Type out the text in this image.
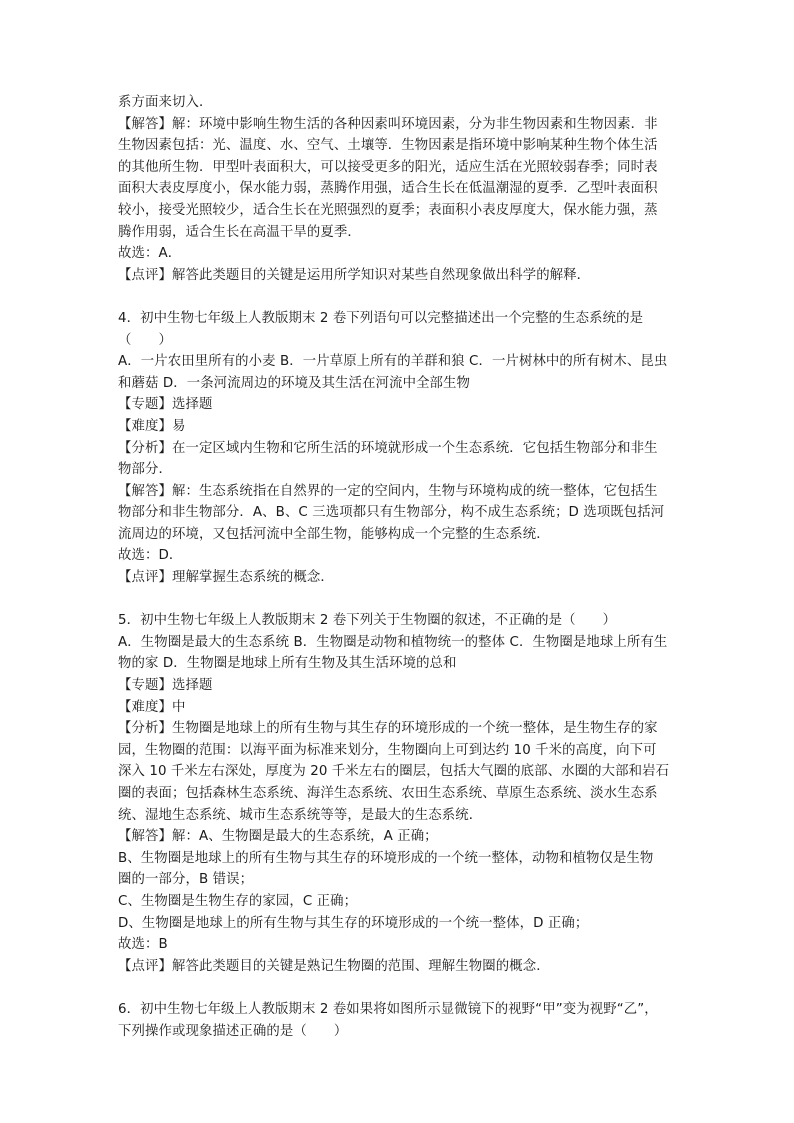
系方面来切入．
【解答】解：环境中影响生物生活的各种因素叫环境因素，分为非生物因素和生物因素．非
生物因素包括：光、温度、水、空气、土壤等．生物因素是指环境中影响某种生物个体生活
的其他所生物．甲型叶表面积大，可以接受更多的阳光，适应生活在光照较弱春季；同时表
面积大表皮厚度小，保水能力弱，蒸腾作用强，适合生长在低温潮湿的夏季．乙型叶表面积
较小，接受光照较少，适合生长在光照强烈的夏季；表面积小表皮厚度大，保水能力强，蒸
腾作用弱，适合生长在高温干旱的夏季．
故选：A．
【点评】解答此类题目的关键是运用所学知识对某些自然现象做出科学的解释．
4．初中生物七年级上人教版期末 2 卷下列语句可以完整描述出一个完整的生态系统的是
（　　）
A．一片农田里所有的小麦 B．一片草原上所有的羊群和狼 C．一片树林中的所有树木、昆虫
和蘑菇 D．一条河流周边的环境及其生活在河流中全部生物
【专题】选择题
【难度】易
【分析】在一定区域内生物和它所生活的环境就形成一个生态系统．它包括生物部分和非生
物部分．
【解答】解：生态系统指在自然界的一定的空间内，生物与环境构成的统一整体，它包括生
物部分和非生物部分．A、B、C 三选项都只有生物部分，构不成生态系统；D 选项既包括河
流周边的环境，又包括河流中全部生物，能够构成一个完整的生态系统．
故选：D．
【点评】理解掌握生态系统的概念．
5．初中生物七年级上人教版期末 2 卷下列关于生物圈的叙述，不正确的是（　　）
A．生物圈是最大的生态系统 B．生物圈是动物和植物统一的整体 C．生物圈是地球上所有生
物的家 D．生物圈是地球上所有生物及其生活环境的总和
【专题】选择题
【难度】中
【分析】生物圈是地球上的所有生物与其生存的环境形成的一个统一整体，是生物生存的家
园，生物圈的范围：以海平面为标准来划分，生物圈向上可到达约 10 千米的高度，向下可
深入 10 千米左右深处，厚度为 20 千米左右的圈层，包括大气圈的底部、水圈的大部和岩石
圈的表面；包括森林生态系统、海洋生态系统、农田生态系统、草原生态系统、淡水生态系
统、湿地生态系统、城市生态系统等等，是最大的生态系统．
【解答】解：A、生物圈是最大的生态系统，A 正确；
B、生物圈是地球上的所有生物与其生存的环境形成的一个统一整体，动物和植物仅是生物
圈的一部分，B 错误；
C、生物圈是生物生存的家园，C 正确；
D、生物圈是地球上的所有生物与其生存的环境形成的一个统一整体，D 正确；
故选：B
【点评】解答此类题目的关键是熟记生物圈的范围、理解生物圈的概念．
6．初中生物七年级上人教版期末 2 卷如果将如图所示显微镜下的视野“甲”变为视野“乙”，
下列操作或现象描述正确的是（　　）
